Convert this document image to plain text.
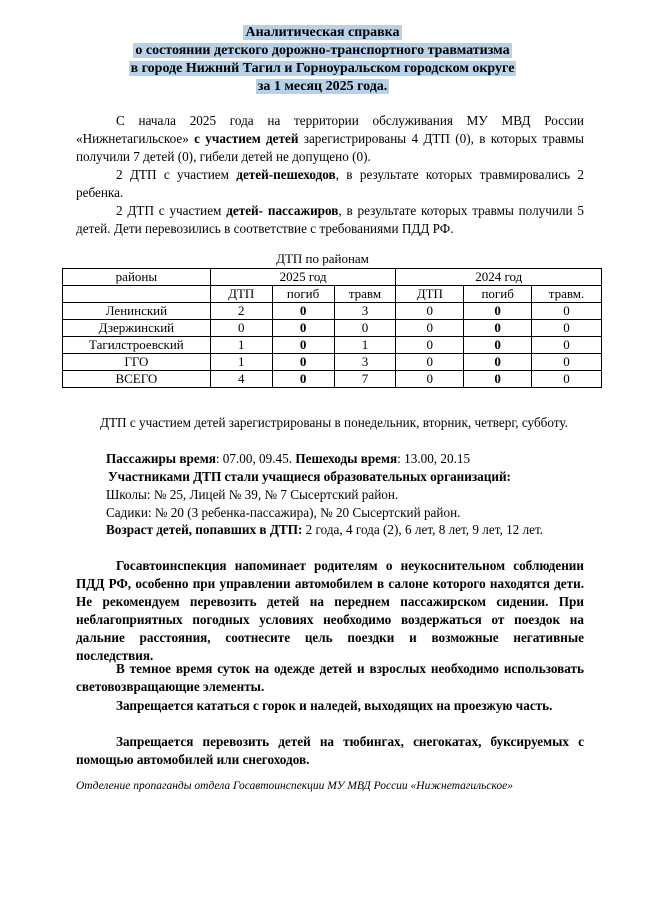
Аналитическая справка
о состоянии детского дорожно-транспортного травматизма
в городе Нижний Тагил и Горноуральском городском округе
за 1 месяц 2025 года.
С начала 2025 года на территории обслуживания МУ МВД России «Нижнетагильское» с участием детей зарегистрированы 4 ДТП (0), в которых травмы получили 7 детей (0), гибели детей не допущено (0).
2 ДТП с участием детей-пешеходов, в результате которых травмировались 2 ребенка.
2 ДТП с участием детей- пассажиров, в результате которых травмы получили 5 детей. Дети перевозились в соответствие с требованиями ПДД РФ.
ДТП по районам
районы	2025 год			2024 год		
	ДТП	погиб	травм	ДТП	погиб	травм.
Ленинский	2	0	3	0	0	0
Дзержинский	0	0	0	0	0	0
Тагилстроевский	1	0	1	0	0	0
ГГО	1	0	3	0	0	0
ВСЕГО	4	0	7	0	0	0
ДТП с участием детей зарегистрированы в понедельник, вторник, четверг, субботу.
Пассажиры время: 07.00, 09.45. Пешеходы время: 13.00, 20.15
Участниками ДТП стали учащиеся образовательных организаций:
Школы: № 25, Лицей № 39, № 7 Сысертский район.
Садики: № 20 (3 ребенка-пассажира), № 20 Сысертский район.
Возраст детей, попавших в ДТП: 2 года, 4 года (2), 6 лет, 8 лет, 9 лет, 12 лет.
Госавтоинспекция напоминает родителям о неукоснительном соблюдении ПДД РФ, особенно при управлении автомобилем в салоне которого находятся дети. Не рекомендуем перевозить детей на переднем пассажирском сидении. При неблагоприятных погодных условиях необходимо воздержаться от поездок на дальние расстояния, соотнесите цель поездки и возможные негативные последствия.
В темное время суток на одежде детей и взрослых необходимо использовать световозвращающие элементы.
Запрещается кататься с горок и наледей, выходящих на проезжую часть.
Запрещается перевозить детей на тюбингах, снегокатах, буксируемых с помощью автомобилей или снегоходов.
Отделение пропаганды отдела Госавтоинспекции МУ МВД России «Нижнетагильское»
